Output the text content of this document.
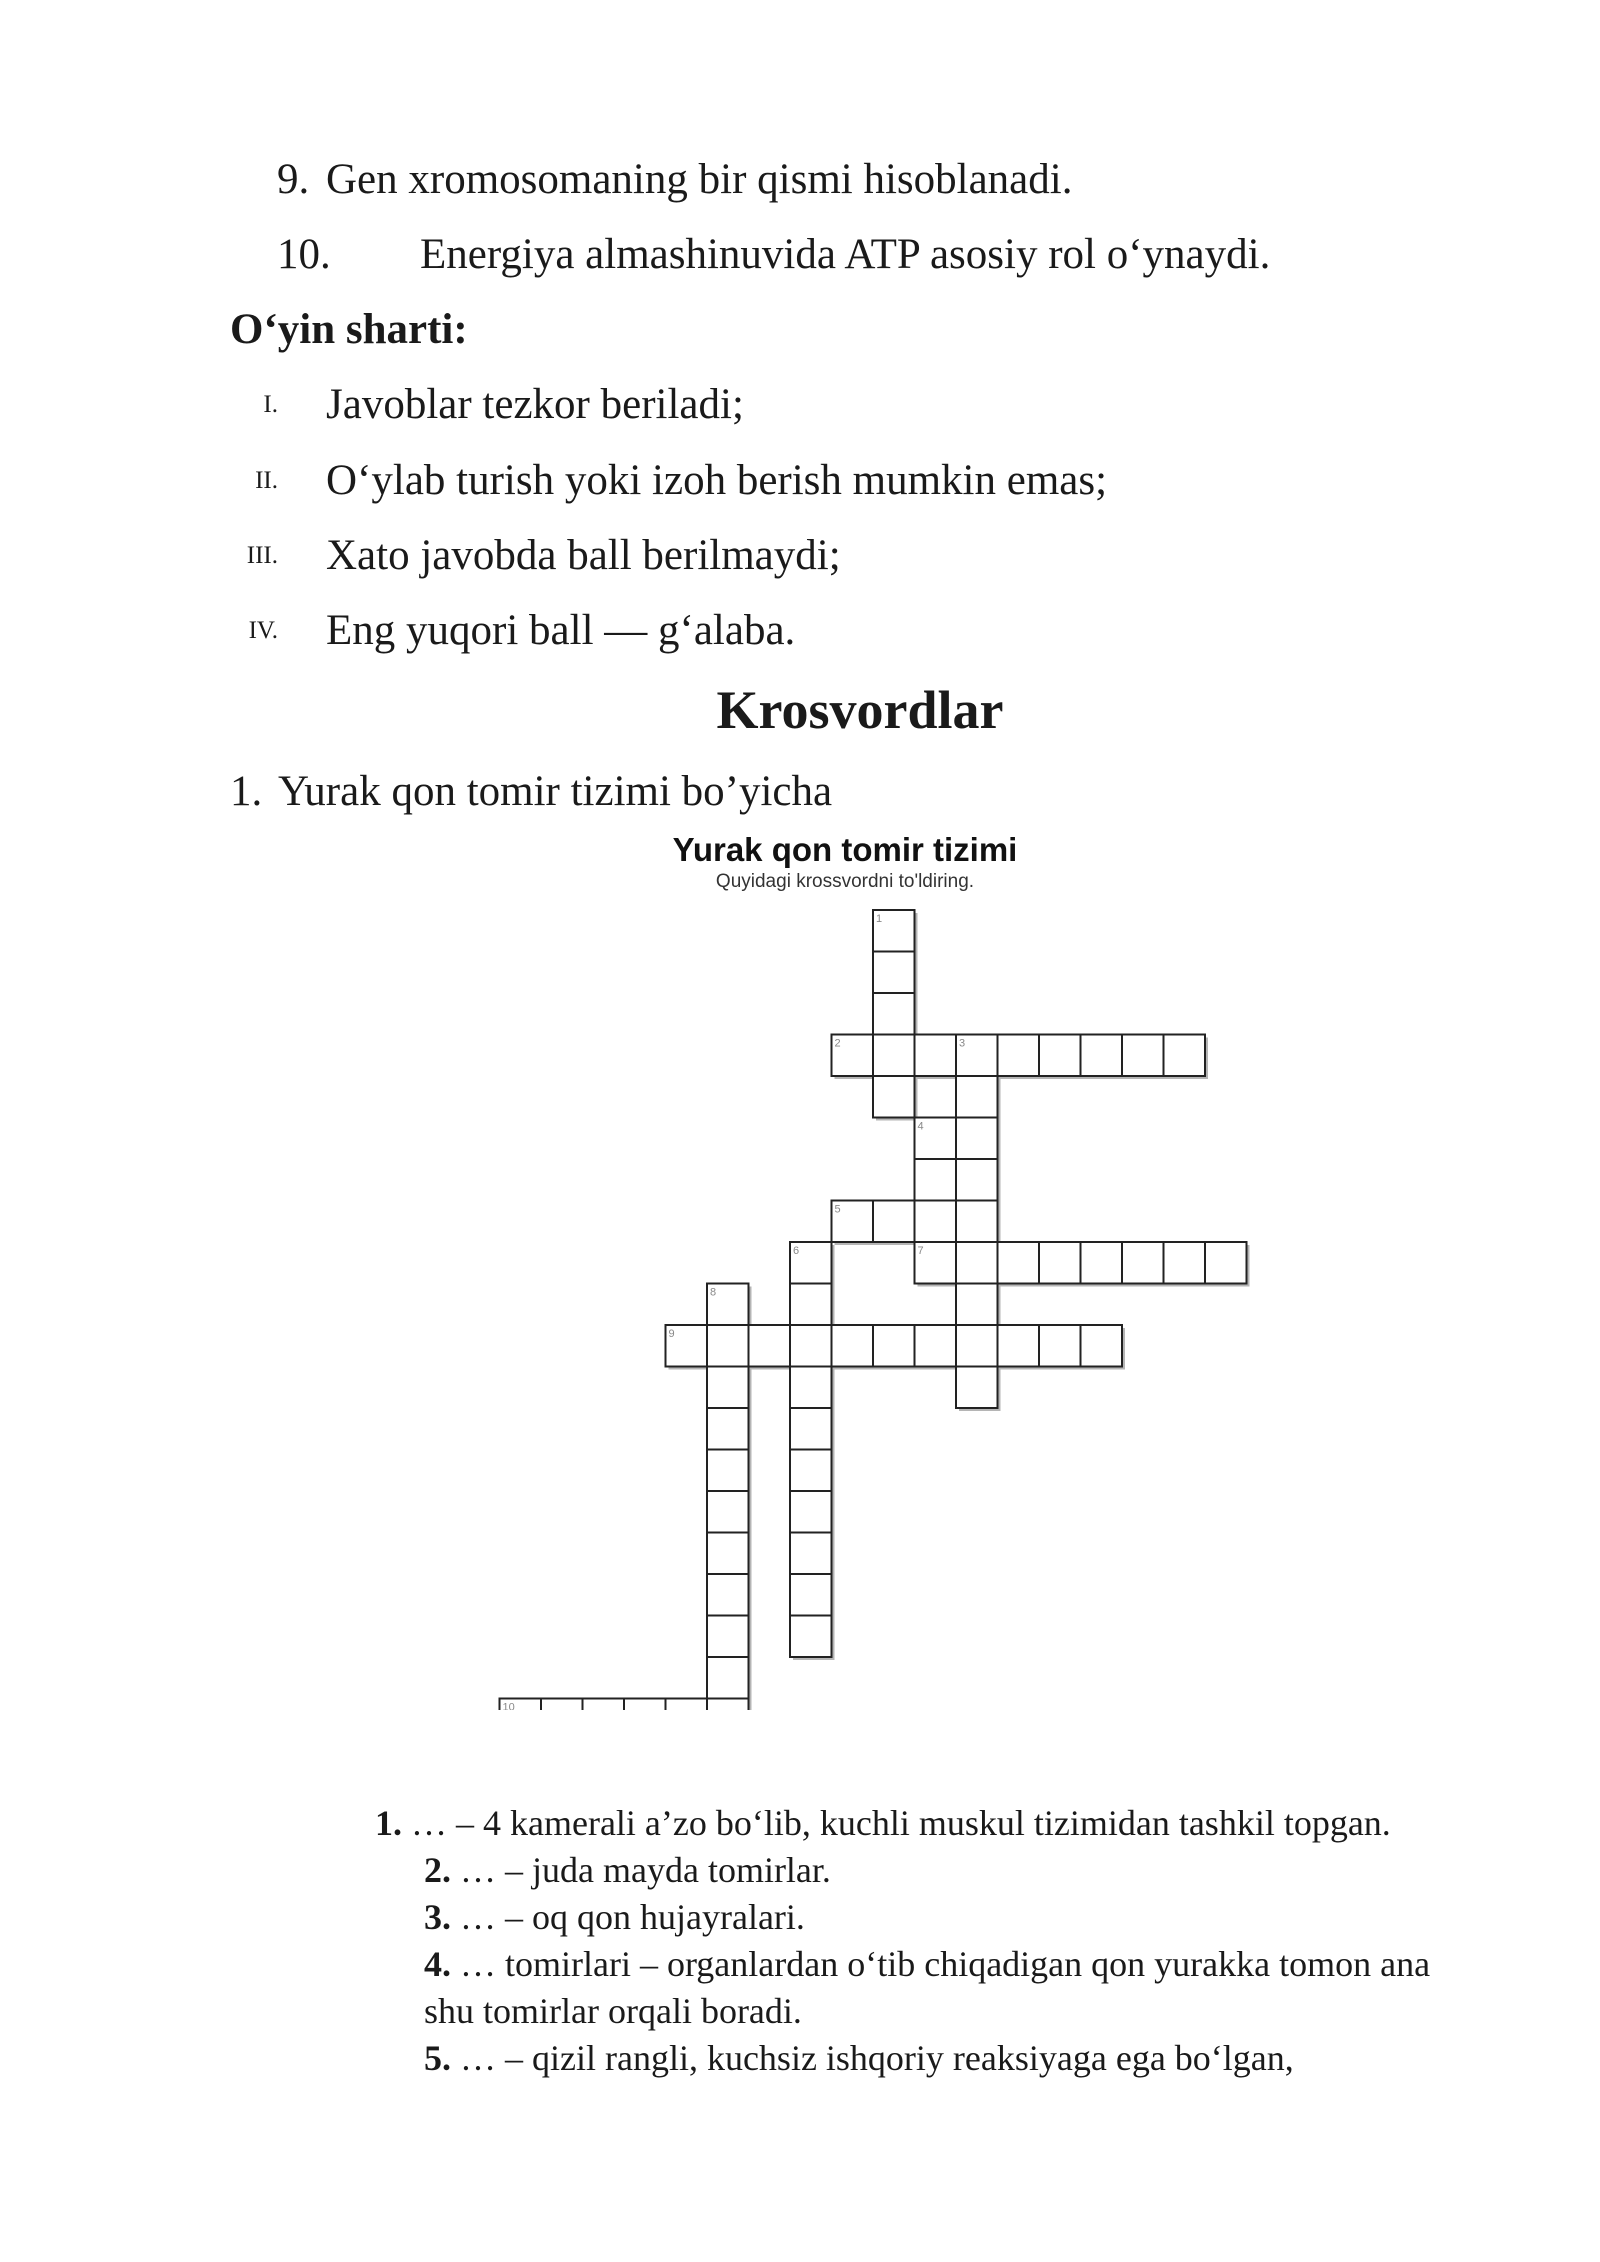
9. Gen xromosomaning bir qismi hisoblanadi.
10. Energiya almashinuvida ATP asosiy rol o‘ynaydi.
O‘yin sharti:
I. Javoblar tezkor beriladi;
II. O‘ylab turish yoki izoh berish mumkin emas;
III. Xato javobda ball berilmaydi;
IV. Eng yuqori ball — g‘alaba.
Krosvordlar
1. Yurak qon tomir tizimi bo’yicha
Yurak qon tomir tizimi
Quyidagi krossvordni to'ldiring.
1
2	3
4
5
6	7
8
9
10
1. … – 4 kamerali a’zo bo‘lib, kuchli muskul tizimidan tashkil topgan.
2. … – juda mayda tomirlar.
3. … – oq qon hujayralari.
4. … tomirlari – organlardan o‘tib chiqadigan qon yurakka tomon ana
shu tomirlar orqali boradi.
5. … – qizil rangli, kuchsiz ishqoriy reaksiyaga ega bo‘lgan,
